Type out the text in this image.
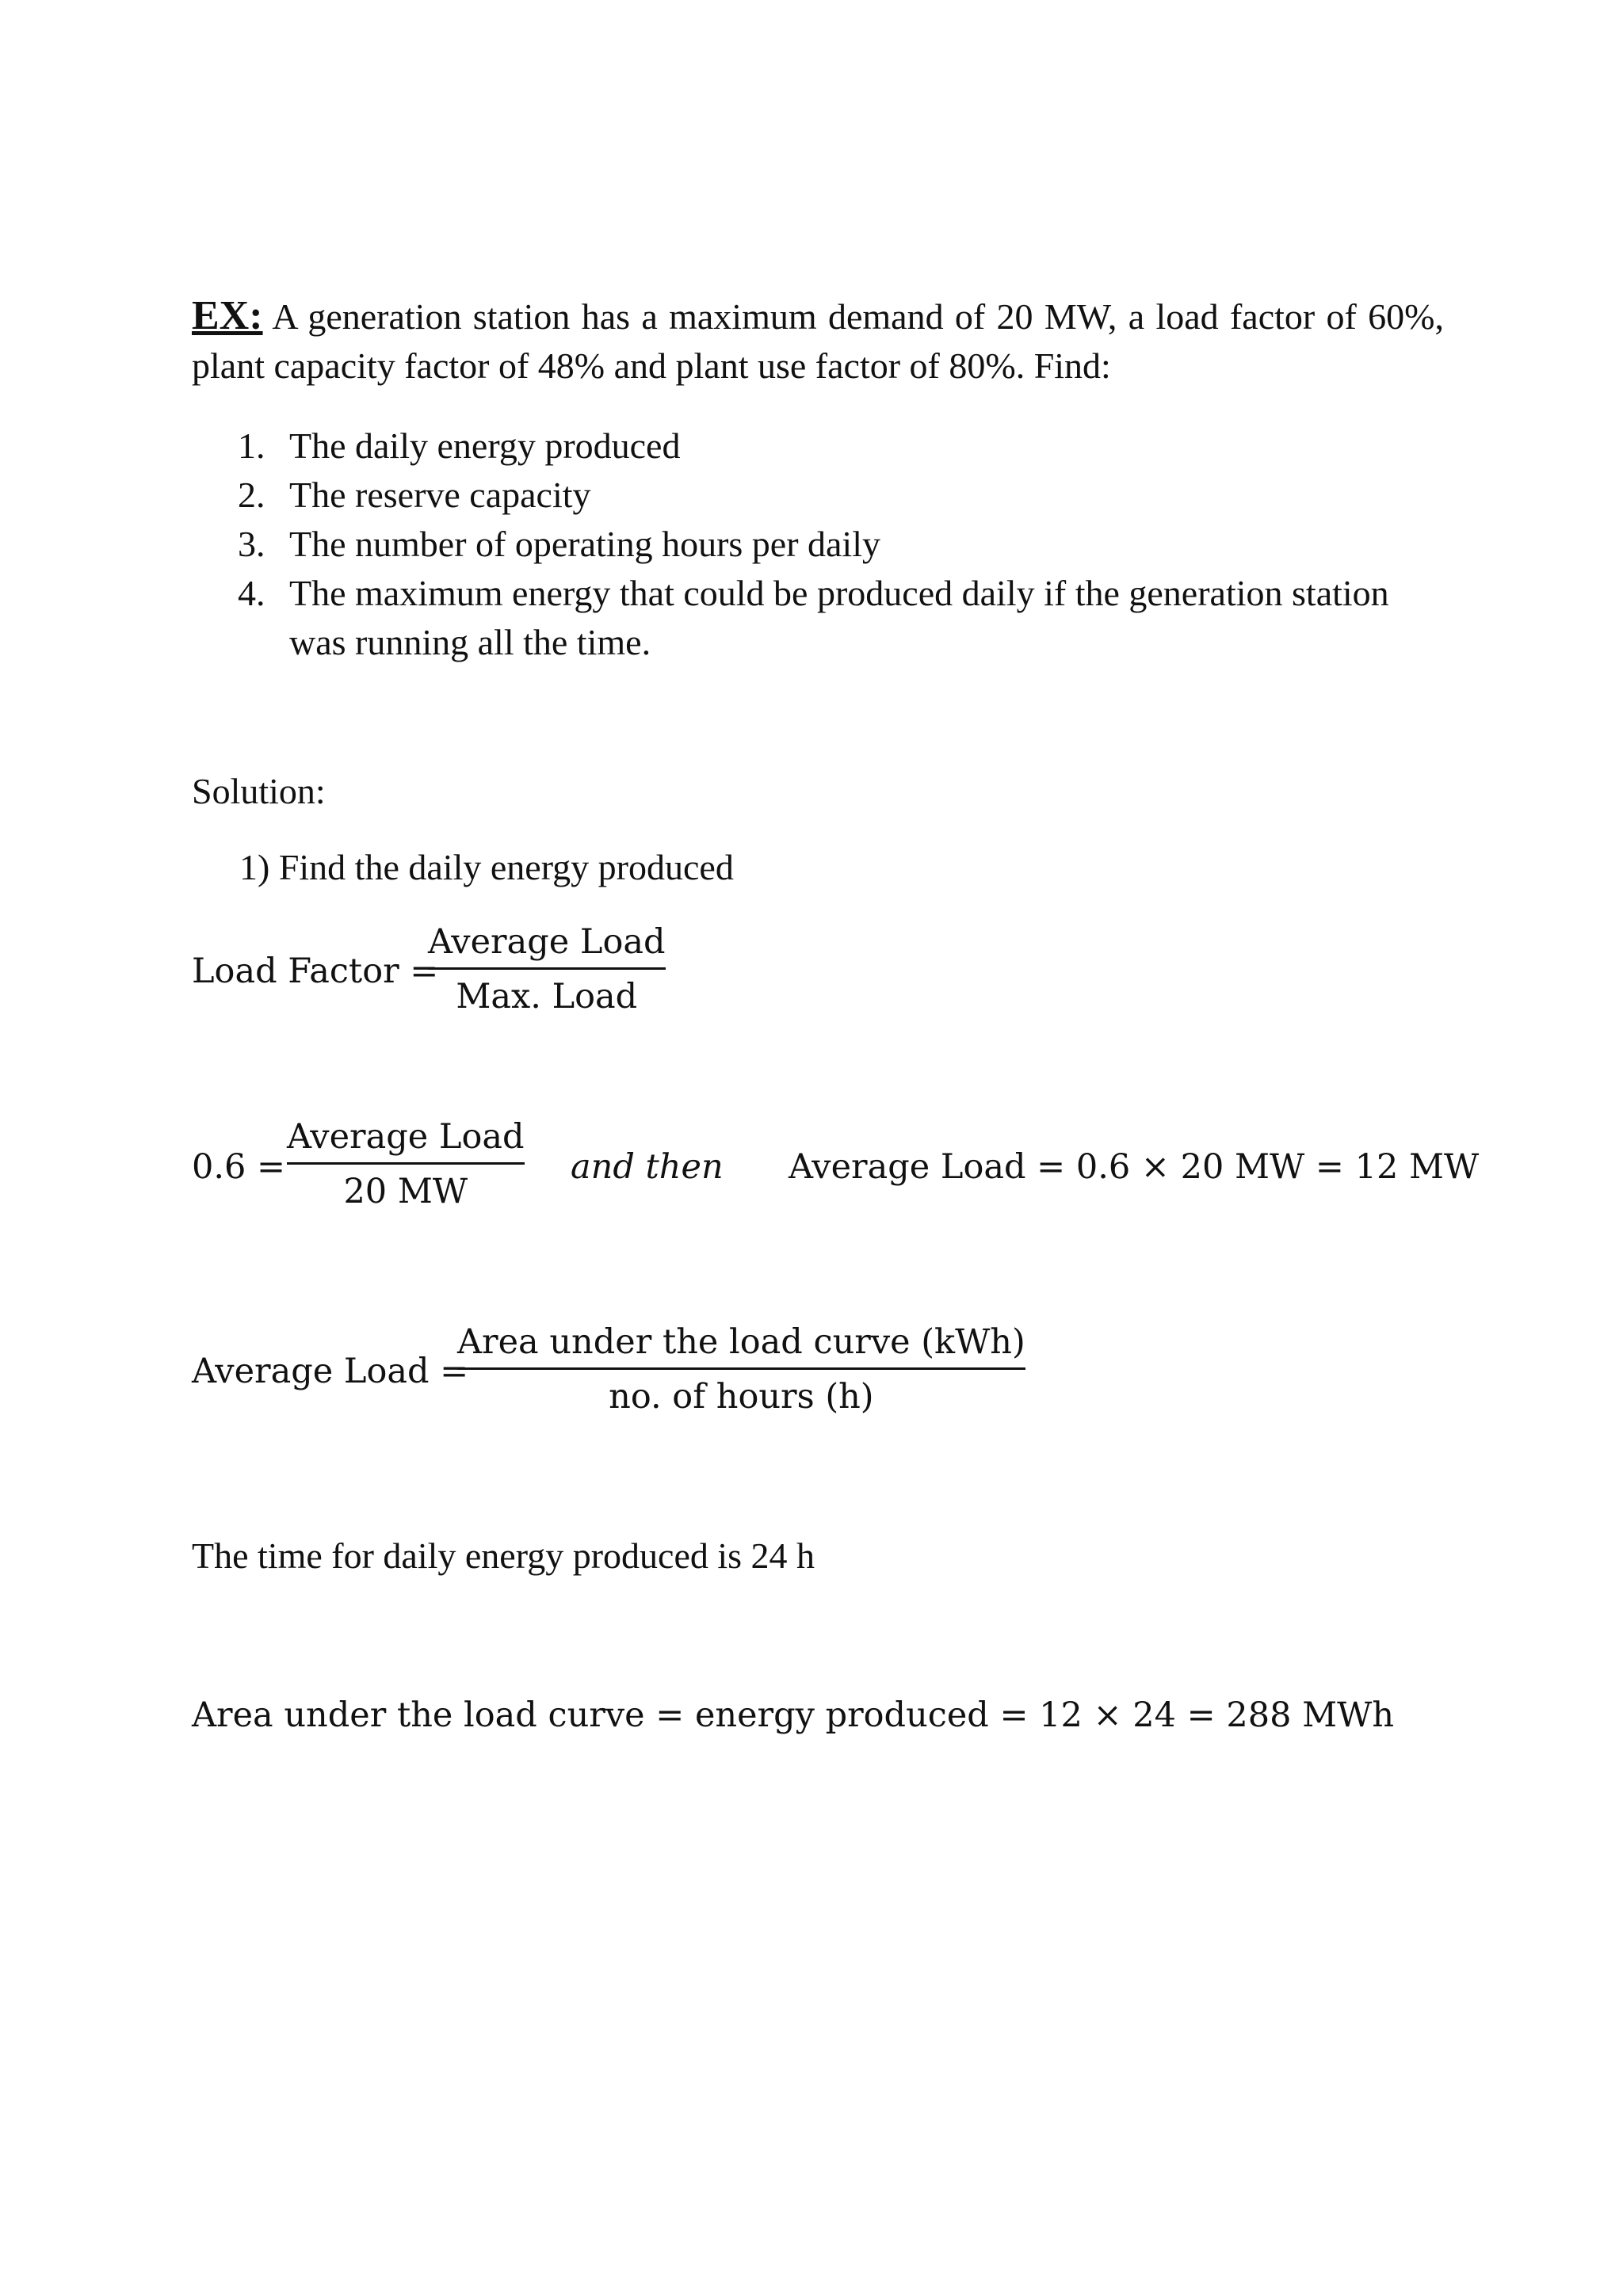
EX: A generation station has a maximum demand of 20 MW, a load factor of 60%, plant capacity factor of 48% and plant use factor of 80%. Find:
1. The daily energy produced
2. The reserve capacity
3. The number of operating hours per daily
4. The maximum energy that could be produced daily if the generation station
was running all the time.
Solution:
1) Find the daily energy produced
Load Factor =
Average Load
Max. Load
0.6 =
Average Load
20 MW
and then Average Load = 0.6 × 20 MW = 12 MW
Average Load =
Area under the load curve (kWh)
no. of hours (h)
The time for daily energy produced is 24 h
Area under the load curve = energy produced = 12 × 24 = 288 MWh
